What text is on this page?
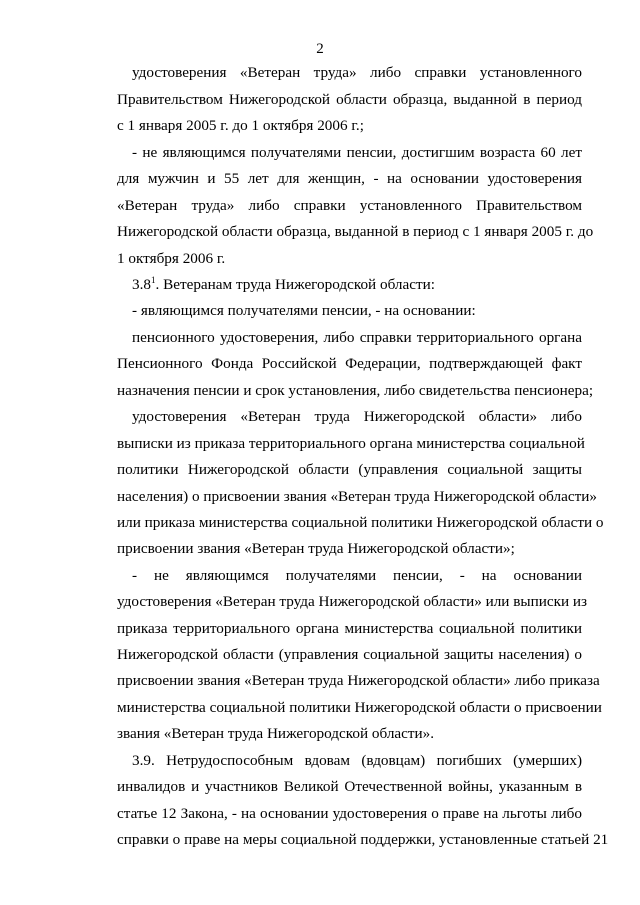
2
удостоверения «Ветеран труда» либо справки установленного
Правительством Нижегородской области образца, выданной в период
с 1 января 2005 г. до 1 октября 2006 г.;
- не являющимся получателями пенсии, достигшим возраста 60 лет
для мужчин и 55 лет для женщин, - на основании удостоверения
«Ветеран труда» либо справки установленного Правительством
Нижегородской области образца, выданной в период с 1 января 2005 г. до
1 октября 2006 г.
$3.8^1$. Ветеранам труда Нижегородской области:
- являющимся получателями пенсии, - на основании:
пенсионного удостоверения, либо справки территориального органа
Пенсионного Фонда Российской Федерации, подтверждающей факт
назначения пенсии и срок установления, либо свидетельства пенсионера;
удостоверения «Ветеран труда Нижегородской области» либо
выписки из приказа территориального органа министерства социальной
политики Нижегородской области (управления социальной защиты
населения) о присвоении звания «Ветеран труда Нижегородской области»
или приказа министерства социальной политики Нижегородской области о
присвоении звания «Ветеран труда Нижегородской области»;
- не являющимся получателями пенсии, - на основании
удостоверения «Ветеран труда Нижегородской области» или выписки из
приказа территориального органа министерства социальной политики
Нижегородской области (управления социальной защиты населения) о
присвоении звания «Ветеран труда Нижегородской области» либо приказа
министерства социальной политики Нижегородской области о присвоении
звания «Ветеран труда Нижегородской области».
3.9. Нетрудоспособным вдовам (вдовцам) погибших (умерших)
инвалидов и участников Великой Отечественной войны, указанным в
статье 12 Закона, - на основании удостоверения о праве на льготы либо
справки о праве на меры социальной поддержки, установленные статьей 21
